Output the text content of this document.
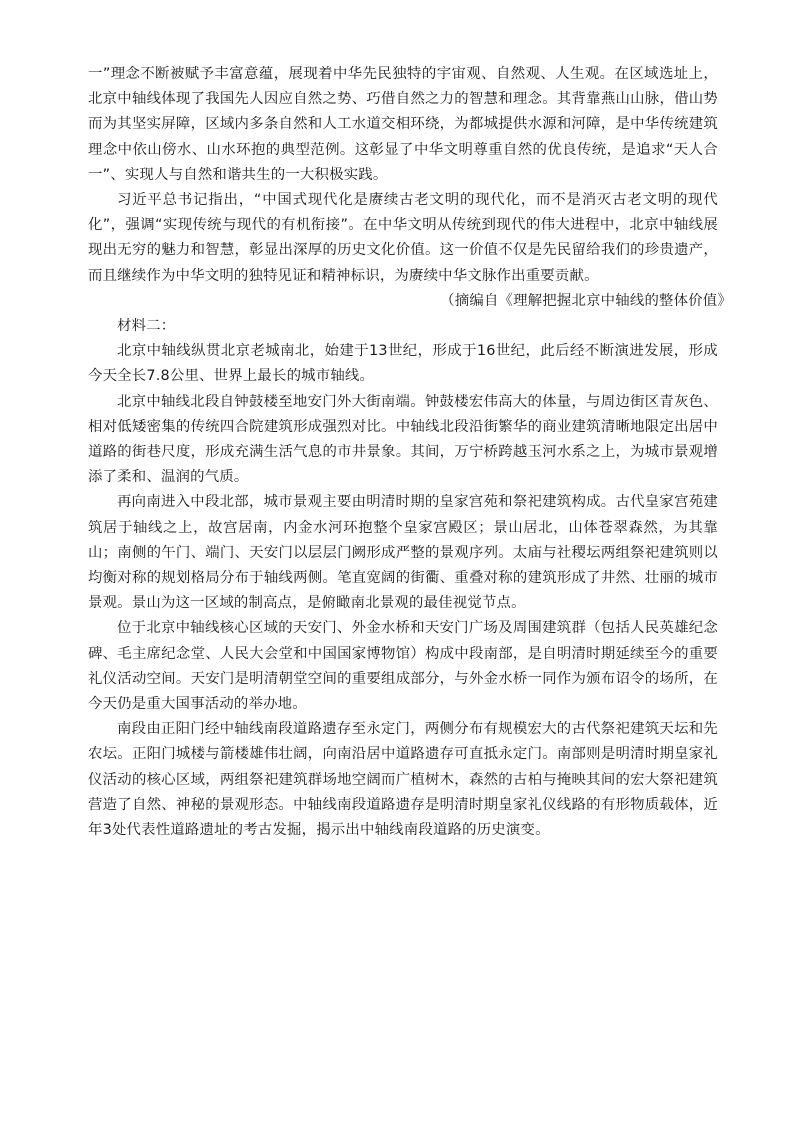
一”理念不断被赋予丰富意蕴，展现着中华先民独特的宇宙观、自然观、人生观。在区域选址上，北京中轴线体现了我国先人因应自然之势、巧借自然之力的智慧和理念。其背靠燕山山脉，借山势而为其坚实屏障，区域内多条自然和人工水道交相环绕，为都城提供水源和河障，是中华传统建筑理念中依山傍水、山水环抱的典型范例。这彰显了中华文明尊重自然的优良传统，是追求“天人合一”、实现人与自然和谐共生的一大积极实践。

习近平总书记指出，“中国式现代化是赓续古老文明的现代化，而不是消灭古老文明的现代化”，强调“实现传统与现代的有机衔接”。在中华文明从传统到现代的伟大进程中，北京中轴线展现出无穷的魅力和智慧，彰显出深厚的历史文化价值。这一价值不仅是先民留给我们的珍贵遗产，而且继续作为中华文明的独特见证和精神标识，为赓续中华文脉作出重要贡献。

（摘编自《理解把握北京中轴线的整体价值》

材料二：

北京中轴线纵贯北京老城南北，始建于13世纪，形成于16世纪，此后经不断演进发展，形成今天全长7.8公里、世界上最长的城市轴线。

北京中轴线北段自钟鼓楼至地安门外大街南端。钟鼓楼宏伟高大的体量，与周边街区青灰色、相对低矮密集的传统四合院建筑形成强烈对比。中轴线北段沿街繁华的商业建筑清晰地限定出居中道路的街巷尺度，形成充满生活气息的市井景象。其间，万宁桥跨越玉河水系之上，为城市景观增添了柔和、温润的气质。

再向南进入中段北部，城市景观主要由明清时期的皇家宫苑和祭祀建筑构成。古代皇家宫苑建筑居于轴线之上，故宫居南，内金水河环抱整个皇家宫殿区；景山居北，山体苍翠森然，为其靠山；南侧的午门、端门、天安门以层层门阙形成严整的景观序列。太庙与社稷坛两组祭祀建筑则以均衡对称的规划格局分布于轴线两侧。笔直宽阔的街衢、重叠对称的建筑形成了井然、壮丽的城市景观。景山为这一区域的制高点，是俯瞰南北景观的最佳视觉节点。

位于北京中轴线核心区域的天安门、外金水桥和天安门广场及周围建筑群（包括人民英雄纪念碑、毛主席纪念堂、人民大会堂和中国国家博物馆）构成中段南部，是自明清时期延续至今的重要礼仪活动空间。天安门是明清朝堂空间的重要组成部分，与外金水桥一同作为颁布诏令的场所，在今天仍是重大国事活动的举办地。

南段由正阳门经中轴线南段道路遗存至永定门，两侧分布有规模宏大的古代祭祀建筑天坛和先农坛。正阳门城楼与箭楼雄伟壮阔，向南沿居中道路遗存可直抵永定门。南部则是明清时期皇家礼仪活动的核心区域，两组祭祀建筑群场地空阔而广植树木，森然的古柏与掩映其间的宏大祭祀建筑营造了自然、神秘的景观形态。中轴线南段道路遗存是明清时期皇家礼仪线路的有形物质载体，近年3处代表性道路遗址的考古发掘，揭示出中轴线南段道路的历史演变。
